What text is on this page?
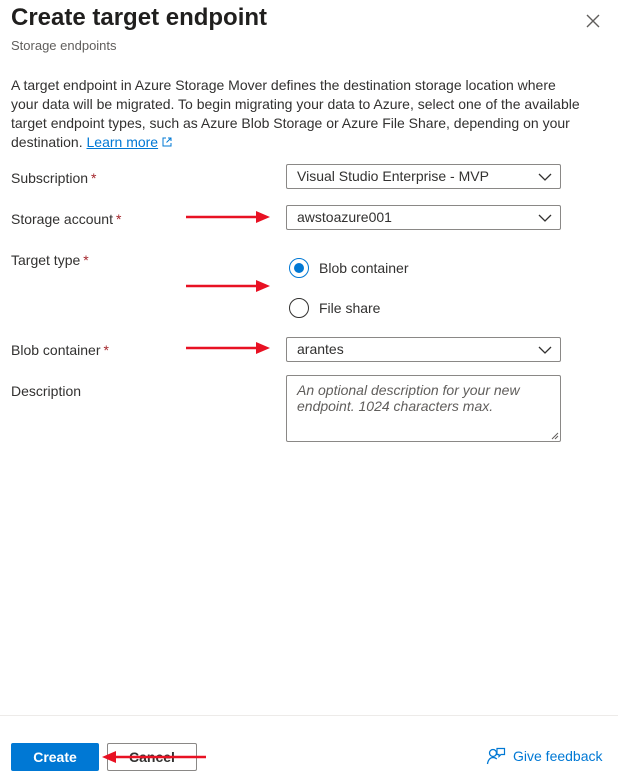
Create target endpoint
Storage endpoints
A target endpoint in Azure Storage Mover defines the destination storage location where your data will be migrated. To begin migrating your data to Azure, select one of the available target endpoint types, such as Azure Blob Storage or Azure File Share, depending on your destination. Learn more
Subscription *	Visual Studio Enterprise - MVP
Storage account *	awstoazure001
Target type *	Blob container
File share
Blob container *	arantes
Description
An optional description for your new endpoint. 1024 characters max.
Create	Cancel	Give feedback
